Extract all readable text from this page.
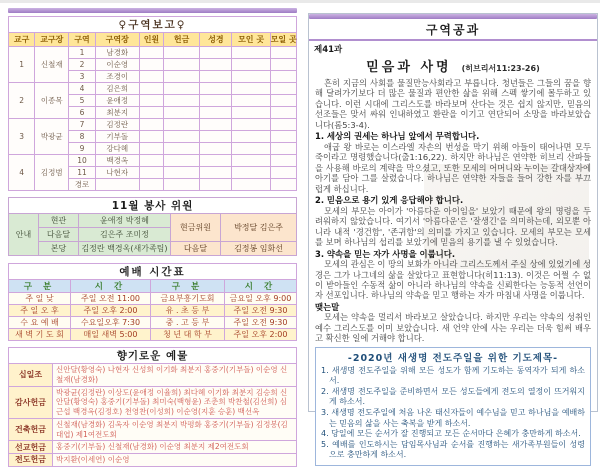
♀구역보고♀								
교구	교구장	구역	구역장	인원	헌금	성경	모인 곳	모일 곳
1	신철재	1	남경화					
		2	이순영					
		3	조경이					
2	이종목	4	김은희					
		5	윤애정					
		6	최분지					
3	박광균	7	김정란					
		8	기부돌					
		9	강다혜					
4	김정범	10	백경옥					
		11	나현자					
		경로						
11월 봉사 위원				
안내	현관	윤애정 박정혜	현금위원	박정달 김은주
	다음달	김은주 조미정		
	본당	김정란 백경옥(새가족팀)	다음달	김정봉 임화선
예배 시간표			
구 분	시 간	구 분	시 간
주 일 낮	주일 오전 11:00	금요부흥기도회	금요일 오후 9:00
주 일 오 후	주일 오후 2:00	유 . 초 등 부	주일 오전 9:30
수 요 예 배	수요일오후 7:30	중 . 고 등 부	주일 오전 9:30
새 벽 기 도 회	매일 새벽 5:00	청 년 대 학 부	주일 오후 2:00
향기로운 예물	
십일조	신안달(황영숙) 나현자 신성희 이기화 최분지 홍중기(기부돌) 이순영 신철재(남경화)
감사헌금	박광균(김정란) 이상도(윤애정 이율희) 최다혜 이기화 최분지 김승희 신안달(황영숙) 홍중기(기부돌) 최미숙(백형윤) 조춘희 박찬철(김선희) 심근섭 백경옥(김정호) 천영찬(이성희) 이순영(지훈 승훈) 백선옥
건축헌금	신철재(남경화) 김옥자 이순영 최분지 박평화 홍중기(기부돌) 김정봉(김대엽) 제1여전도회
선교헌금	홍중기(기부돌) 신철재(남경화) 이순영 최분지 제2여전도회
전도헌금	박지환(이세연) 이순영
구역공과
제41과
믿음과 사명 (히브리서11:23-26)

흔히 지금의 사회를 물질만능사회라고 부릅니다. 청년들은 그들의 꿈을 향해 달려가기보다 더 많은 물질과 편안한 삶을 위해 스펙 쌓기에 몰두하고 있습니다. 이런 시대에 그리스도를 바라보며 산다는 것은 쉽지 않지만, 믿음의 선조들은 맞서 싸워 인내하였고 환란을 이기고 연단되어 소망을 바라보았습니다(롬5:3-4).

1. 세상의 권세는 하나님 앞에서 무력합니다.

애굽 왕 바로는 이스라엘 자손의 번성을 막기 위해 아들이 태어나면 모두 죽이라고 명령했습니다(출1:16,22). 하지만 하나님은 연약한 히브리 산파들을 사용해 바로의 계략을 막으셨고, 또한 모세의 어머니와 누이는 갈대상자에 아기를 담아 그를 살렸습니다. 하나님은 연약한 자들을 들어 강한 자를 부끄럽게 하십니다.

2. 믿음으로 용기 있게 응답해야 합니다.

모세의 부모는 아이가 '아름다운 아이임을' 보았기 때문에 왕의 명령을 두려워하지 않았습니다. 여기서 '아름다운'은 '잘생긴'을 의미하는데, 외모뿐 아니라 내적 '경건함', '존귀함'의 의미를 가지고 있습니다. 모세의 부모는 모세를 보며 하나님의 섭리를 보았기에 믿음의 용기를 낼 수 있었습니다.

3. 약속을 믿는 자가 사명을 이룹니다.

모세의 관심은 이 땅의 보화가 아니라 그리스도께서 주실 상에 있었기에 성경은 그가 나그네의 삶을 살았다고 표현합니다(히11:13). 이것은 어쩔 수 없이 받아들인 수동적 삶이 아니라 하나님의 약속을 신뢰한다는 능동적 선언이자 선포입니다. 하나님의 약속을 믿고 행하는 자가 마침내 사명을 이룹니다.

맺는말

모세는 약속을 멀리서 바라보고 살았습니다. 하지만 우리는 약속의 성취인 예수 그리스도를 이미 보았습니다. 새 언약 안에 사는 우리는 더욱 힘써 배우고 확신한 일에 거해야 합니다.

-2020년 새생명 전도주일을 위한 기도제목-
1. 새생명 전도주일을 위해 모든 성도가 함께 기도하는 동역자가 되게 하소서.
2. 새생명 전도주일을 준비하면서 모든 성도들에게 전도의 열정이 뜨거워지게 하소서.
3. 새생명 전도주일에 처음 나온 태신자들이 예수님을 믿고 하나님을 예배하는 믿음의 삶을 사는 축복을 받게 하소서.
4. 당일에 모든 순서가 잘 진행되고 모든 순서마다 은혜가 충만하게 하소서.
5. 예배를 인도하시는 담임목사님과 순서를 진행하는 새가족부원들이 성령으로 충만하게 하소서.
